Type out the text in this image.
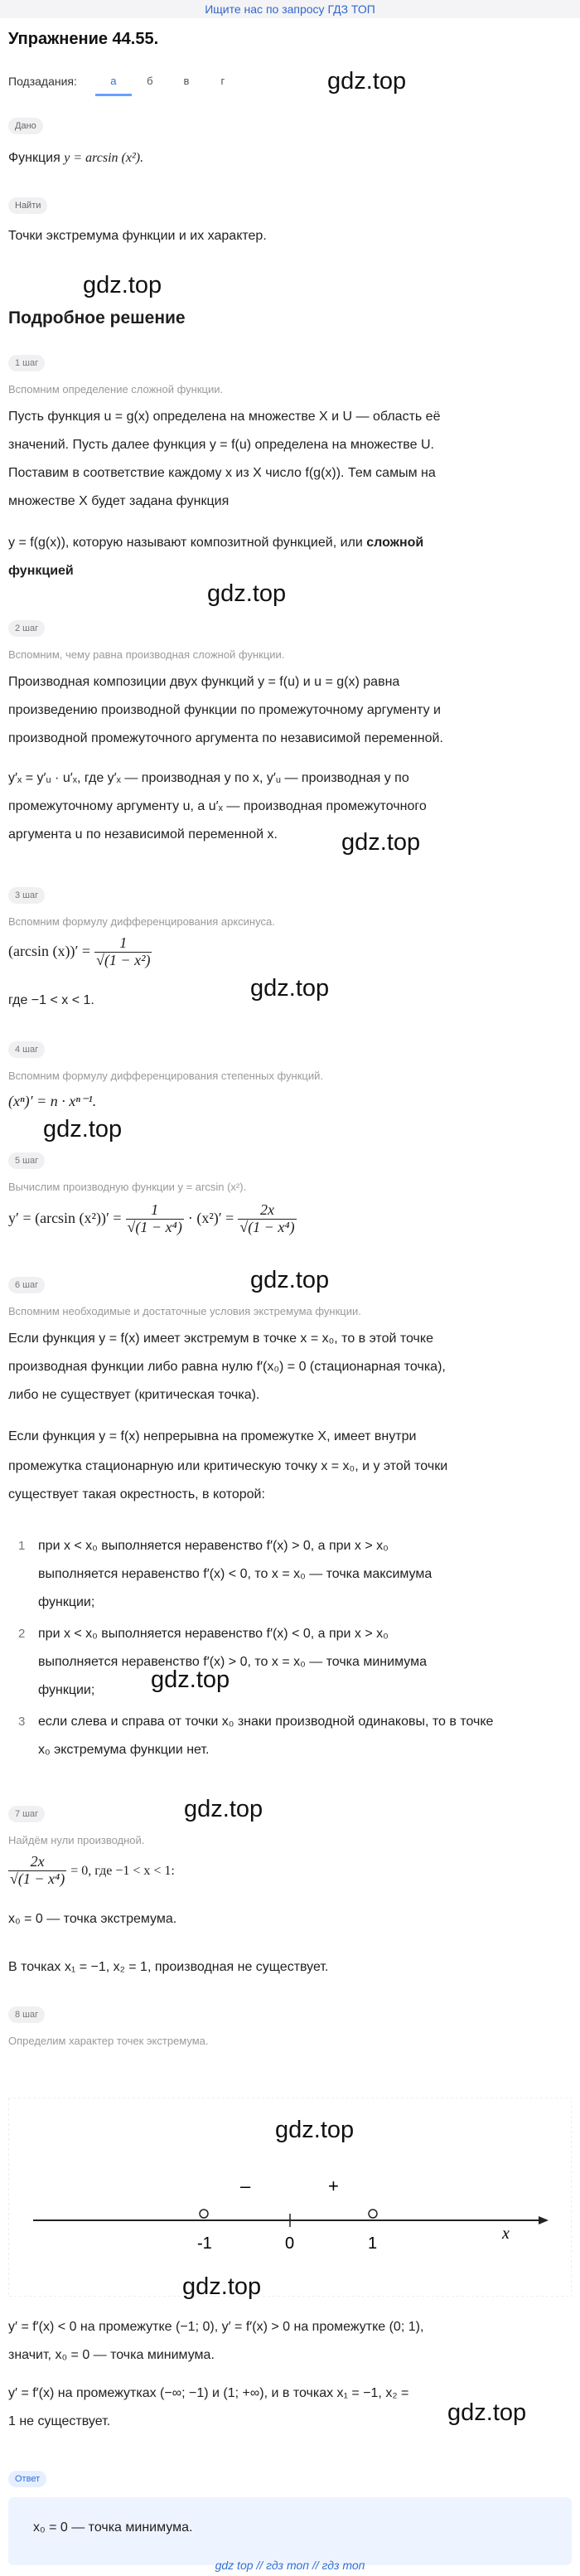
Ищите нас по запросу ГДЗ ТОП
Упражнение 44.55.
Подзадания:	а	б	в	г	gdz.top
Дано
Функция y = arcsin (x²).
Найти
Точки экстремума функции и их характер.
gdz.top
Подробное решение
1 шаг
Вспомним определение сложной функции.
Пусть функция u = g(x) определена на множестве X и U — область её
значений. Пусть далее функция y = f(u) определена на множестве U.
Поставим в соответствие каждому x из X число f(g(x)). Тем самым на
множестве X будет задана функция
y = f(g(x)), которую называют композитной функцией, или сложной
функцией
gdz.top
2 шаг
Вспомним, чему равна производная сложной функции.
Производная композиции двух функций y = f(u) и u = g(x) равна
произведению производной функции по промежуточному аргументу и
производной промежуточного аргумента по независимой переменной.
y′ₓ = y′ᵤ · u′ₓ, где y′ₓ — производная y по x, y′ᵤ — производная y по
промежуточному аргументу u, а u′ₓ — производная промежуточного
аргумента u по независимой переменной x.	gdz.top
3 шаг
Вспомним формулу дифференцирования арксинуса.
(arcsin $(x))' = \frac{1}{\text{√(1 − x²)}}$
где −1 < x < 1.	gdz.top
4 шаг
Вспомним формулу дифференцирования степенных функций.
(xⁿ)′ = n · xⁿ⁻¹.
gdz.top
5 шаг
Вычислим производную функции y = arcsin (x²).
y′ = (arcsin $(x^2))' = \frac{1}{\text{√(1 − x⁴)}} \cdot (x^2)' = \frac{2x}{\text{√(1 − x⁴)}}$
gdz.top
6 шаг
Вспомним необходимые и достаточные условия экстремума функции.
Если функция y = f(x) имеет экстремум в точке x = x₀, то в этой точке
производная функции либо равна нулю f′(x₀) = 0 (стационарная точка),
либо не существует (критическая точка).
Если функция y = f(x) непрерывна на промежутке X, имеет внутри
промежутка стационарную или критическую точку x = x₀, и у этой точки
существует такая окрестность, в которой:
1 при x < x₀ выполняется неравенство f′(x) > 0, а при x > x₀
выполняется неравенство f′(x) < 0, то x = x₀ — точка максимума
функции;
2 при x < x₀ выполняется неравенство f′(x) < 0, а при x > x₀
выполняется неравенство f′(x) > 0, то x = x₀ — точка минимума
функции;	gdz.top
3 если слева и справа от точки x₀ знаки производной одинаковы, то в точке
x₀ экстремума функции нет.
gdz.top
7 шаг
Найдём нули производной.
$\frac{2x}{\text{√(1 − x⁴)}} = 0$, где −1 < x < 1:
x₀ = 0 — точка экстремума.
В точках x₁ = −1, x₂ = 1, производная не существует.
8 шаг
Определим характер точек экстремума.
-1	0	1
–	+
x
gdz.top
gdz.top
y′ = f′(x) < 0 на промежутке (−1; 0), y′ = f′(x) > 0 на промежутке (0; 1),
значит, x₀ = 0 — точка минимума.
y′ = f′(x) на промежутках (−∞; −1) и (1; +∞), и в точках x₁ = −1, x₂ =
1 не существует.	gdz.top
Ответ
x₀ = 0 — точка минимума.
gdz top // гдз топ // гдз топ
